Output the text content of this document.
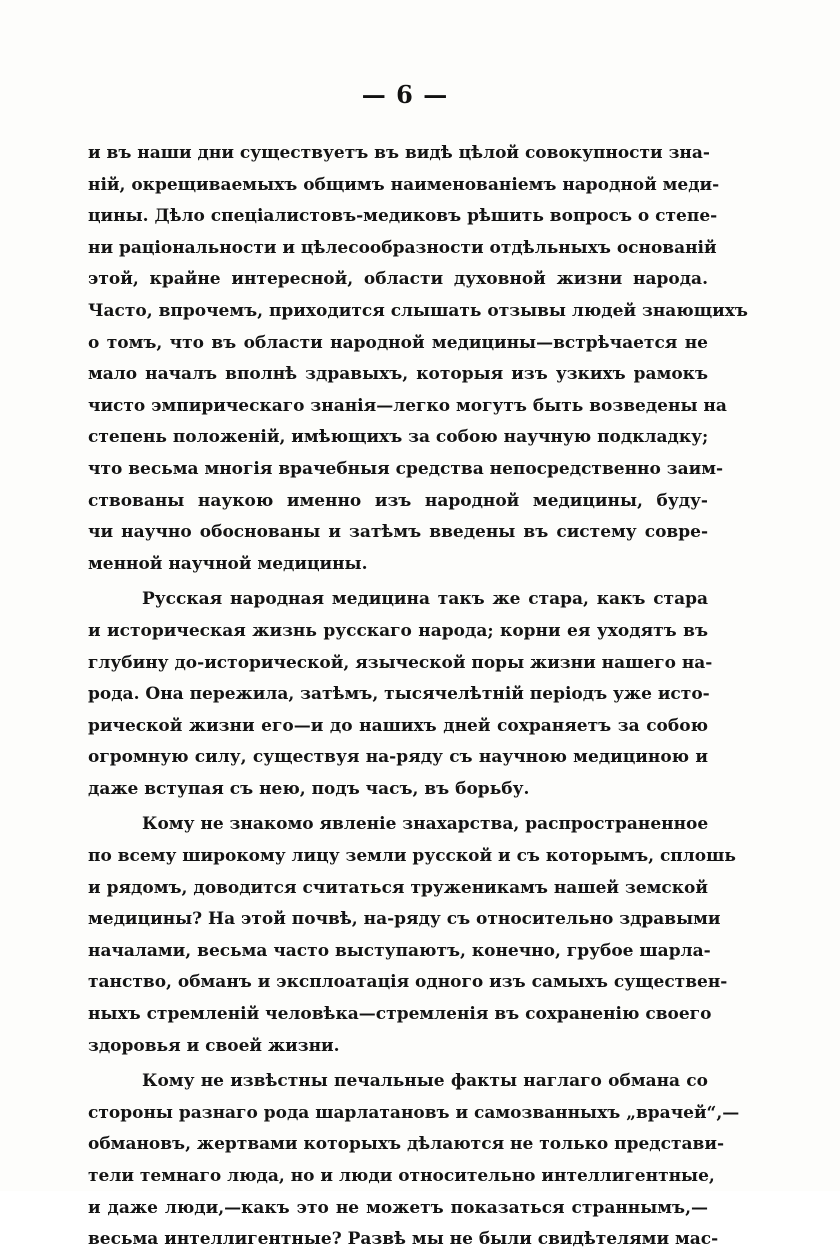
— 6 —
и въ наши дни существуетъ въ видѣ цѣлой совокупности зна-
ній, окрещиваемыхъ общимъ наименованіемъ народной меди-
цины. Дѣло спеціалистовъ-медиковъ рѣшить вопросъ о степе-
ни раціональности и цѣлесообразности отдѣльныхъ основаній
этой, крайне интересной, области духовной жизни народа.
Часто, впрочемъ, приходится слышать отзывы людей знающихъ
о томъ, что въ области народной медицины—встрѣчается не
мало началъ вполнѣ здравыхъ, которыя изъ узкихъ рамокъ
чисто эмпирическаго знанія—легко могутъ быть возведены на
степень положеній, имѣющихъ за собою научную подкладку;
что весьма многія врачебныя средства непосредственно заим-
ствованы наукою именно изъ народной медицины, буду-
чи научно обоснованы и затѣмъ введены въ систему совре-
менной научной медицины.
Русская народная медицина такъ же стара, какъ стара
и историческая жизнь русскаго народа; корни ея уходятъ въ
глубину до-исторической, языческой поры жизни нашего на-
рода. Она пережила, затѣмъ, тысячелѣтній періодъ уже исто-
рической жизни его—и до нашихъ дней сохраняетъ за собою
огромную силу, существуя на-ряду съ научною медициною и
даже вступая съ нею, подъ часъ, въ борьбу.
Кому не знакомо явленіе знахарства, распространенное
по всему широкому лицу земли русской и съ которымъ, сплошь
и рядомъ, доводится считаться труженикамъ нашей земской
медицины? На этой почвѣ, на-ряду съ относительно здравыми
началами, весьма часто выступаютъ, конечно, грубое шарла-
танство, обманъ и эксплоатація одного изъ самыхъ существен-
ныхъ стремленій человѣка—стремленія въ сохраненію своего
здоровья и своей жизни.
Кому не извѣстны печальные факты наглаго обмана со
стороны разнаго рода шарлатановъ и самозванныхъ „врачей“,—
обмановъ, жертвами которыхъ дѣлаются не только представи-
тели темнаго люда, но и люди относительно интеллигентные,
и даже люди,—какъ это не можетъ показаться страннымъ,—
весьма интеллигентные? Развѣ мы не были свидѣтелями мас-
